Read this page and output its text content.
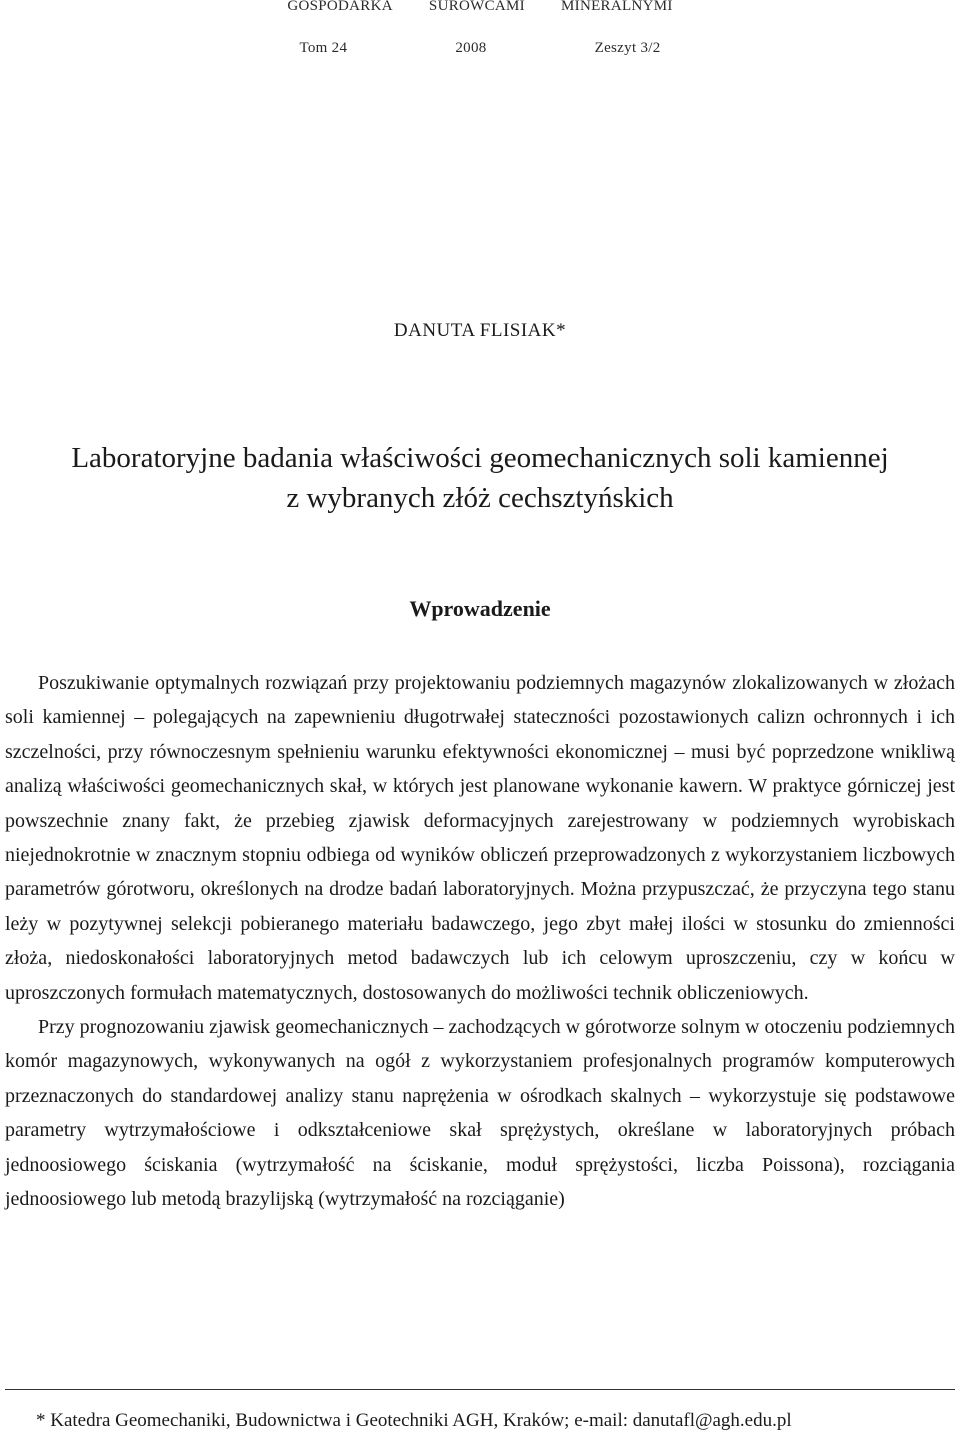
GOSPODARKA SUROWCAMI MINERALNYMI
Tom 24	2008	Zeszyt 3/2
DANUTA FLISIAK*
Laboratoryjne badania właściwości geomechanicznych soli kamiennej
z wybranych złóż cechsztyńskich
Wprowadzenie

Poszukiwanie optymalnych rozwiązań przy projektowaniu podziemnych magazynów zlokalizowanych w złożach soli kamiennej – polegających na zapewnieniu długotrwałej stateczności pozostawionych calizn ochronnych i ich szczelności, przy równoczesnym spełnieniu warunku efektywności ekonomicznej – musi być poprzedzone wnikliwą analizą właściwości geomechanicznych skał, w których jest planowane wykonanie kawern. W praktyce górniczej jest powszechnie znany fakt, że przebieg zjawisk deformacyjnych zarejestrowany w podziemnych wyrobiskach niejednokrotnie w znacznym stopniu odbiega od wyników obliczeń przeprowadzonych z wykorzystaniem liczbowych parametrów górotworu, określonych na drodze badań laboratoryjnych. Można przypuszczać, że przyczyna tego stanu leży w pozytywnej selekcji pobieranego materiału badawczego, jego zbyt małej ilości w stosunku do zmienności złoża, niedoskonałości laboratoryjnych metod badawczych lub ich celowym uproszczeniu, czy w końcu w uproszczonych formułach matematycznych, dostosowanych do możliwości technik obliczeniowych.

Przy prognozowaniu zjawisk geomechanicznych – zachodzących w górotworze solnym w otoczeniu podziemnych komór magazynowych, wykonywanych na ogół z wykorzystaniem profesjonalnych programów komputerowych przeznaczonych do standardowej analizy stanu naprężenia w ośrodkach skalnych – wykorzystuje się podstawowe parametry wytrzymałościowe i odkształceniowe skał sprężystych, określane w laboratoryjnych próbach jednoosiowego ściskania (wytrzymałość na ściskanie, moduł sprężystości, liczba Poissona), rozciągania jednoosiowego lub metodą brazylijską (wytrzymałość na rozciąganie)

* Katedra Geomechaniki, Budownictwa i Geotechniki AGH, Kraków; e-mail: danutafl@agh.edu.pl
